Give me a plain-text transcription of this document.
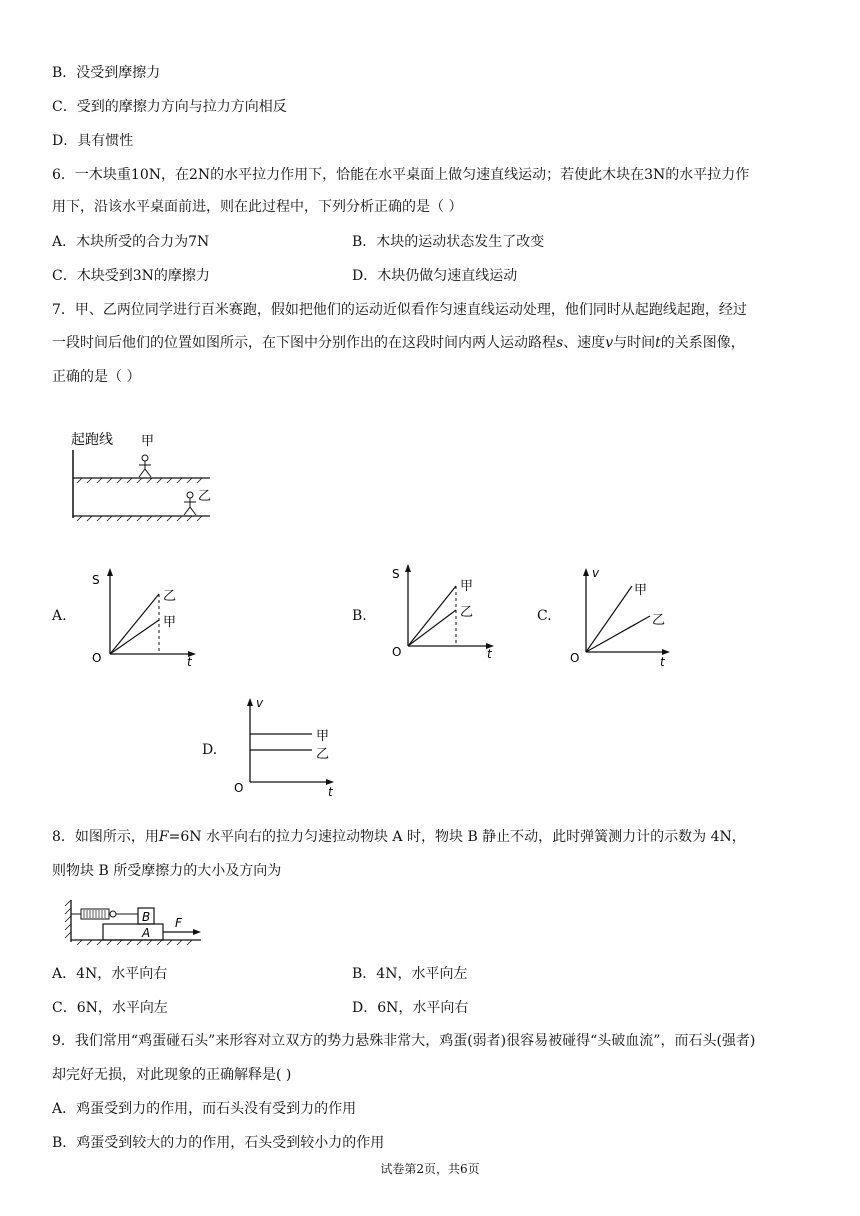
B．没受到摩擦力
C．受到的摩擦力方向与拉力方向相反
D．具有惯性
6．一木块重10N，在2N的水平拉力作用下，恰能在水平桌面上做匀速直线运动；若使此木块在3N的水平拉力作
用下，沿该水平桌面前进，则在此过程中，下列分析正确的是（ ）
A．木块所受的合力为7N	B．木块的运动状态发生了改变
C．木块受到3N的摩擦力	D．木块仍做匀速直线运动
7．甲、乙两位同学进行百米赛跑，假如把他们的运动近似看作匀速直线运动处理，他们同时从起跑线起跑，经过
一段时间后他们的位置如图所示，在下图中分别作出的在这段时间内两人运动路程s、速度v与时间t的关系图像，
正确的是（ ）
起跑线 甲
乙
A.
S
O	t
乙
甲	B.
S
O	t
甲
乙	C.
v
O	t
甲
乙
D.
v
O	t
甲
乙
8．如图所示，用F=6N 水平向右的拉力匀速拉动物块 A 时，物块 B 静止不动，此时弹簧测力计的示数为 4N，
则物块 B 所受摩擦力的大小及方向为
B
A
F
A．4N，水平向右	B．4N，水平向左
C．6N，水平向左	D．6N，水平向右
9．我们常用“鸡蛋碰石头”来形容对立双方的势力悬殊非常大，鸡蛋(弱者)很容易被碰得“头破血流”，而石头(强者)
却完好无损，对此现象的正确解释是( )
A．鸡蛋受到力的作用，而石头没有受到力的作用
B．鸡蛋受到较大的力的作用，石头受到较小力的作用
试卷第2页，共6页
